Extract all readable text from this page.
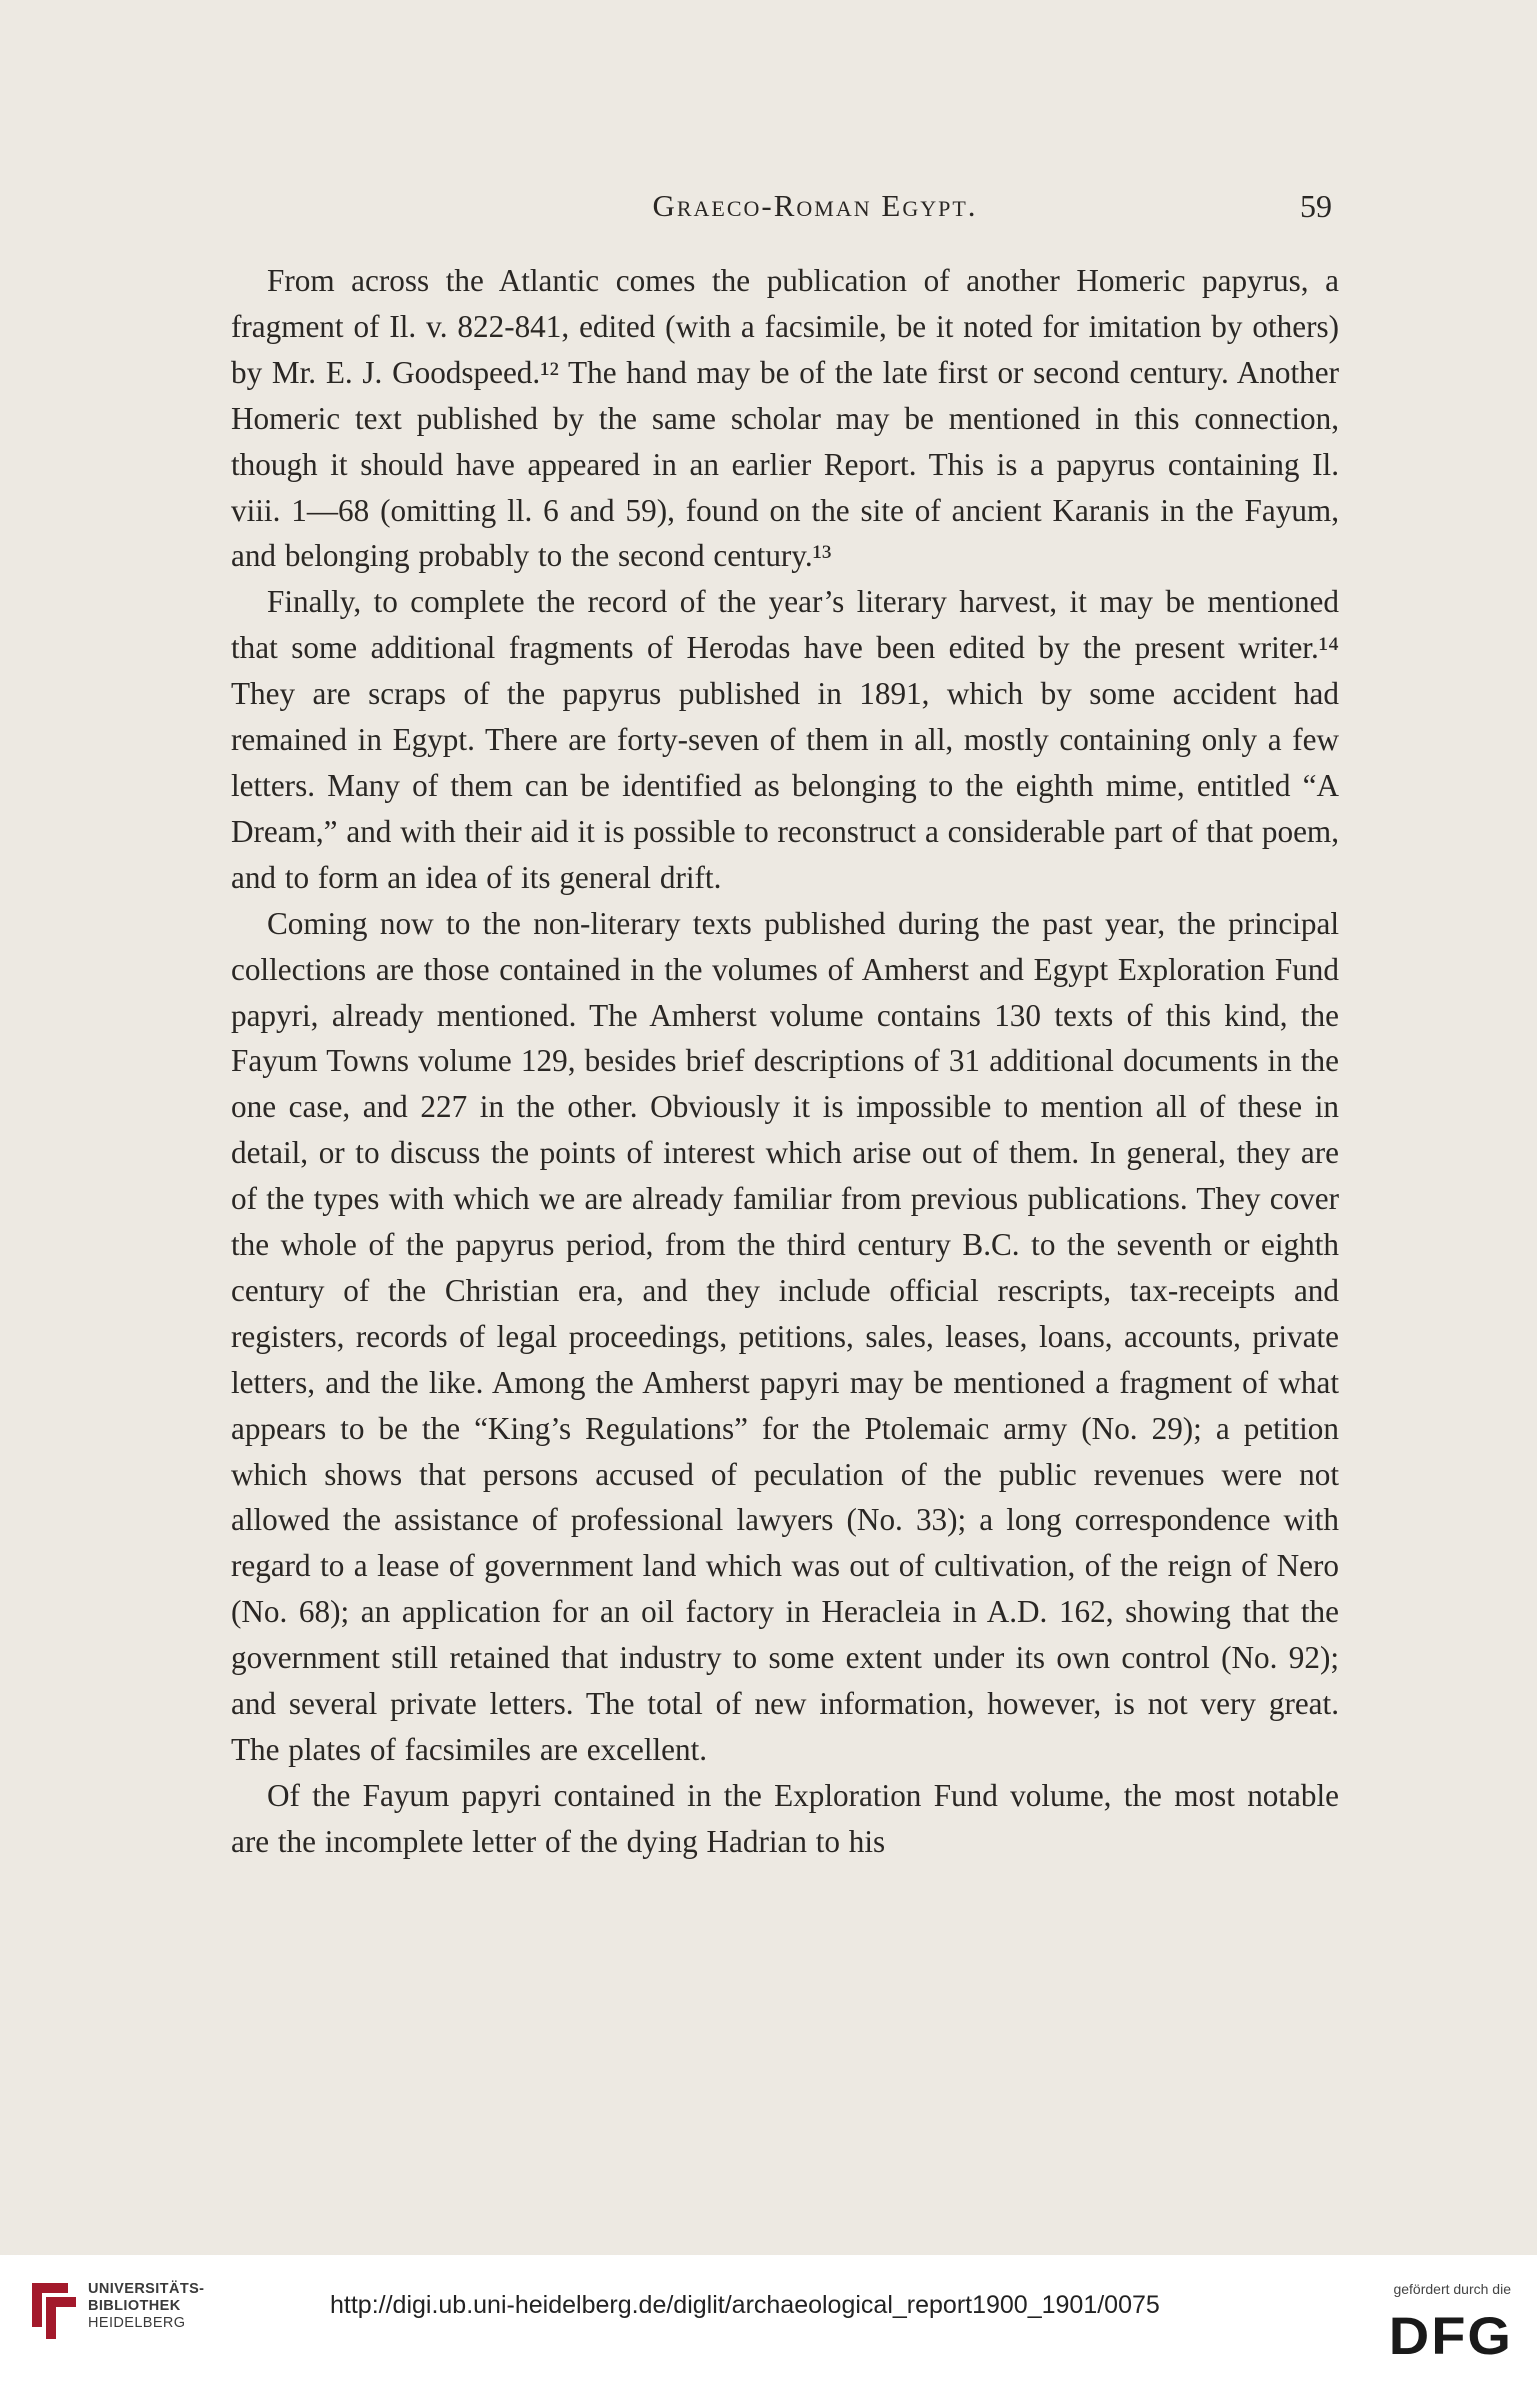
Graeco-Roman Egypt.	59

From across the Atlantic comes the publication of another Homeric papyrus, a fragment of Il. v. 822-841, edited (with a facsimile, be it noted for imitation by others) by Mr. E. J. Goodspeed.¹² The hand may be of the late first or second century. Another Homeric text published by the same scholar may be mentioned in this connection, though it should have appeared in an earlier Report. This is a papyrus containing Il. viii. 1—68 (omitting ll. 6 and 59), found on the site of ancient Karanis in the Fayum, and belonging probably to the second century.¹³

Finally, to complete the record of the year’s literary harvest, it may be mentioned that some additional fragments of Herodas have been edited by the present writer.¹⁴ They are scraps of the papyrus published in 1891, which by some accident had remained in Egypt. There are forty-seven of them in all, mostly containing only a few letters. Many of them can be identified as belonging to the eighth mime, entitled “A Dream,” and with their aid it is possible to reconstruct a considerable part of that poem, and to form an idea of its general drift.

Coming now to the non-literary texts published during the past year, the principal collections are those contained in the volumes of Amherst and Egypt Exploration Fund papyri, already mentioned. The Amherst volume contains 130 texts of this kind, the Fayum Towns volume 129, besides brief descriptions of 31 additional documents in the one case, and 227 in the other. Obviously it is impossible to mention all of these in detail, or to discuss the points of interest which arise out of them. In general, they are of the types with which we are already familiar from previous publications. They cover the whole of the papyrus period, from the third century B.C. to the seventh or eighth century of the Christian era, and they include official rescripts, tax-receipts and registers, records of legal proceedings, petitions, sales, leases, loans, accounts, private letters, and the like. Among the Amherst papyri may be mentioned a fragment of what appears to be the “King’s Regulations” for the Ptolemaic army (No. 29); a petition which shows that persons accused of peculation of the public revenues were not allowed the assistance of professional lawyers (No. 33); a long correspondence with regard to a lease of government land which was out of cultivation, of the reign of Nero (No. 68); an application for an oil factory in Heracleia in A.D. 162, showing that the government still retained that industry to some extent under its own control (No. 92); and several private letters. The total of new information, however, is not very great. The plates of facsimiles are excellent.

Of the Fayum papyri contained in the Exploration Fund volume, the most notable are the incomplete letter of the dying Hadrian to his

UNIVERSITÄTS-
BIBLIOTHEK
HEIDELBERG
http://digi.ub.uni-heidelberg.de/diglit/archaeological_report1900_1901/0075
gefördert durch die
DFG
